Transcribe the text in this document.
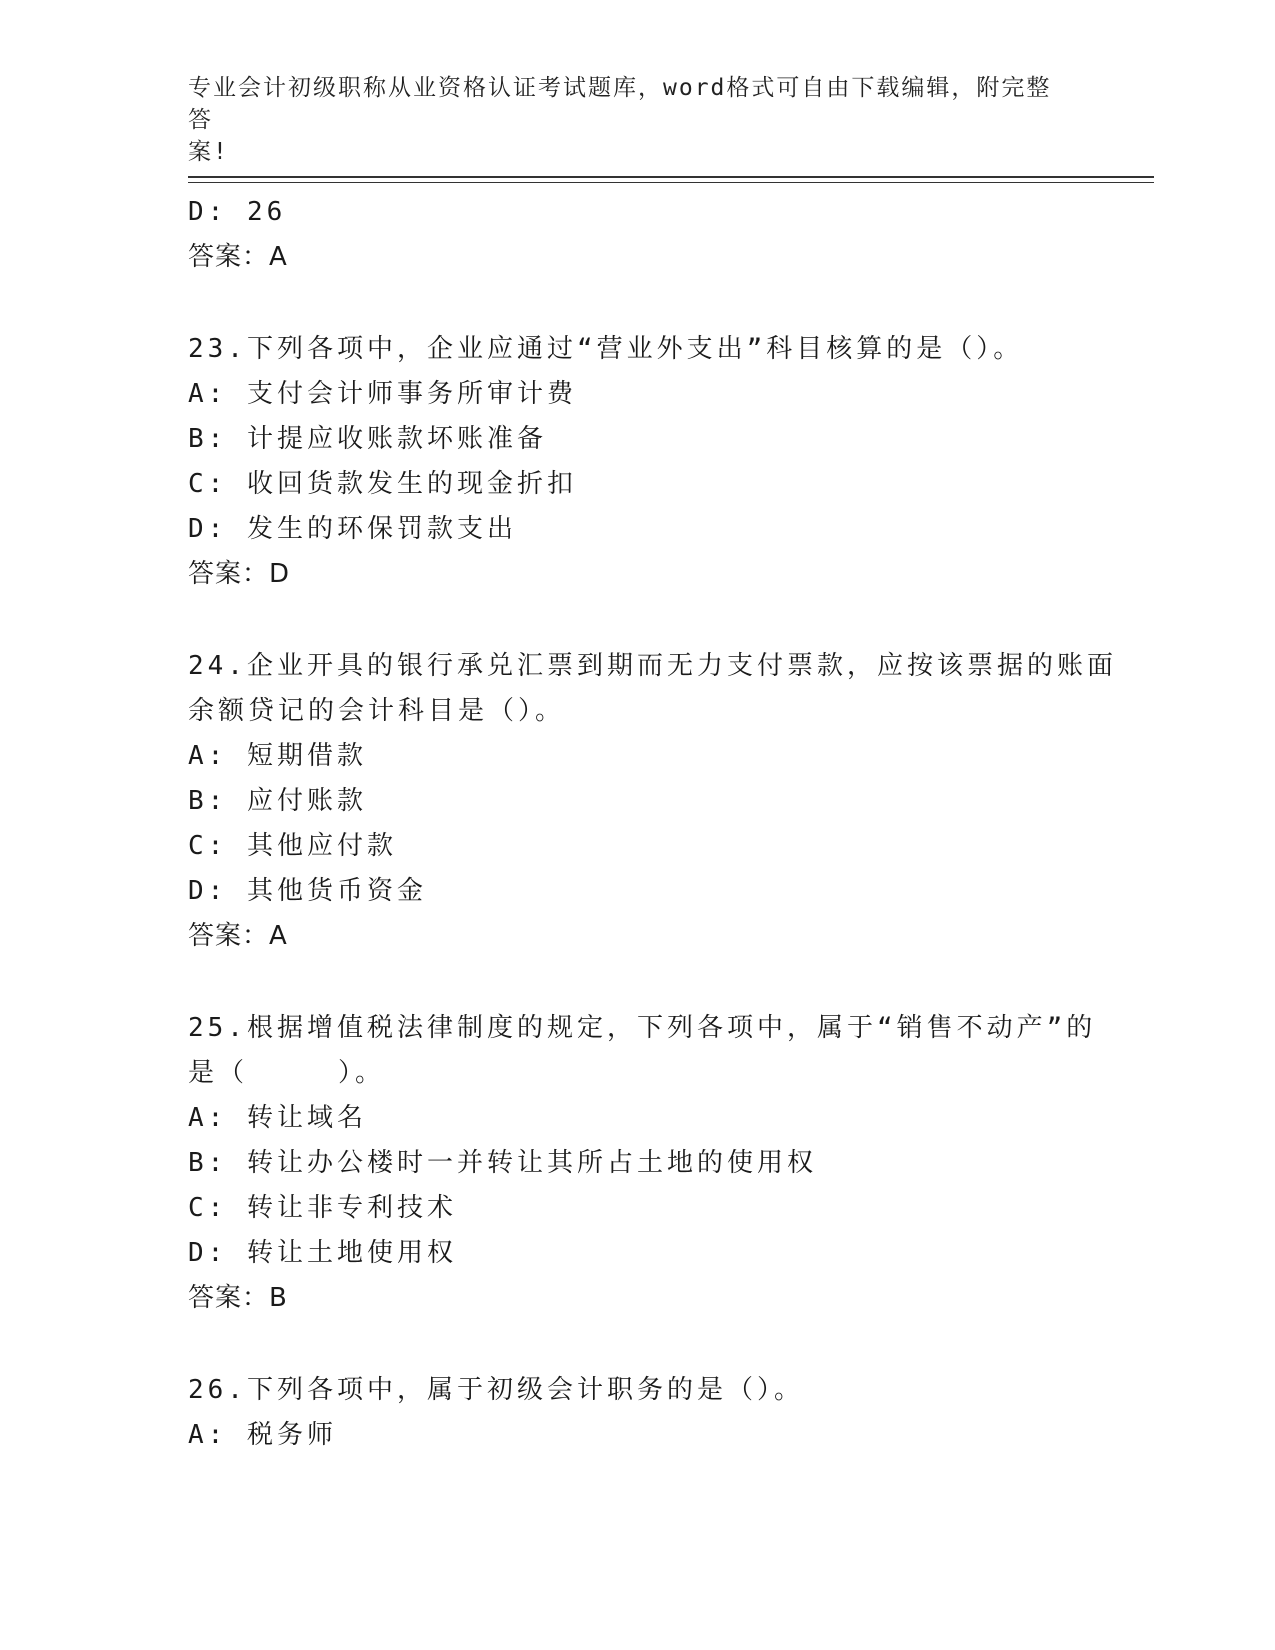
专业会计初级职称从业资格认证考试题库，word格式可自由下载编辑，附完整答
案!
D: 26
答案：A
23.下列各项中，企业应通过“营业外支出”科目核算的是（）。
A: 支付会计师事务所审计费
B: 计提应收账款坏账准备
C: 收回货款发生的现金折扣
D: 发生的环保罚款支出
答案：D
24.企业开具的银行承兑汇票到期而无力支付票款，应按该票据的账面
余额贷记的会计科目是（）。
A: 短期借款
B: 应付账款
C: 其他应付款
D: 其他货币资金
答案：A
25.根据增值税法律制度的规定，下列各项中，属于“销售不动产”的
是（　　　）。
A: 转让域名
B: 转让办公楼时一并转让其所占土地的使用权
C: 转让非专利技术
D: 转让土地使用权
答案：B
26.下列各项中，属于初级会计职务的是（）。
A: 税务师
